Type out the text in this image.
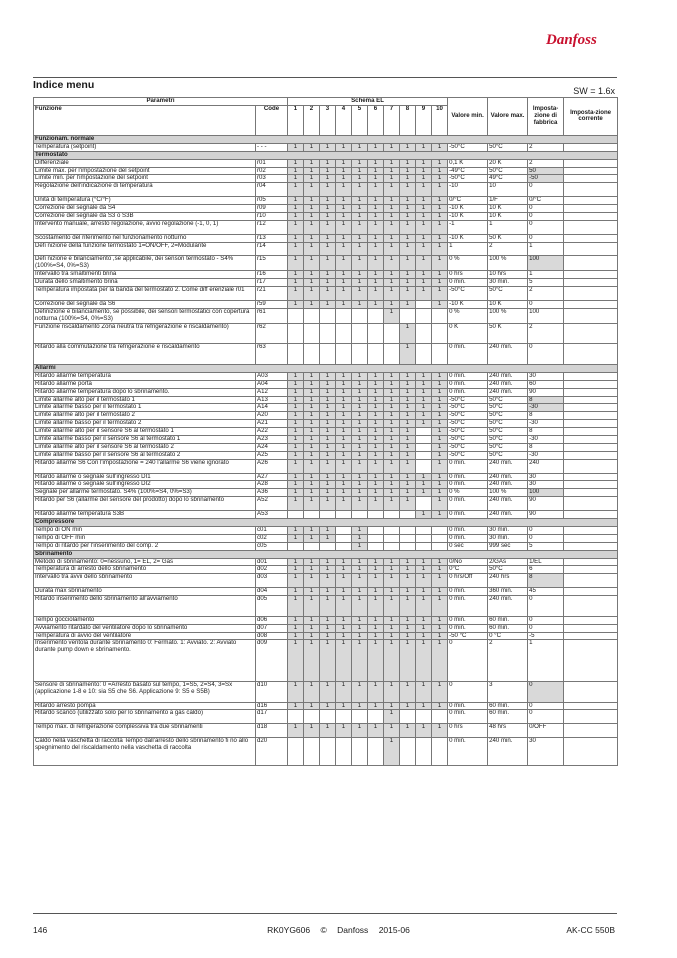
Danfoss
Indice menu	SW = 1.6x
Parametri		Schema EL										Valore min.	Valore max.	Imposta-zione di fabbrica	Imposta-zione corrente
Funzione	Code	1	2	3	4	5	6	7	8	9	10				
Funzionam. normale															
Temperatura (setpoint)	- - -	1	1	1	1	1	1	1	1	1	1	-50°C	50°C	2	
Termostato															
Differenziale	r01	1	1	1	1	1	1	1	1	1	1	0,1 K	20 K	2	
Limite max. per l'impostazione del setpoint	r02	1	1	1	1	1	1	1	1	1	1	-49°C	50°C	50	
Limite min. per l'impostazione del setpoint	r03	1	1	1	1	1	1	1	1	1	1	-50°C	49°C	-50	
Regolazione dell'indicazione di temperatura	r04	1	1	1	1	1	1	1	1	1	1	-10	10	0	
Unità di temperatura (°C/°F)	r05	1	1	1	1	1	1	1	1	1	1	0/°C	1/F	0/°C	
Correzione del segnale da S4	r09	1	1	1	1	1	1	1	1	1	1	-10 K	10 K	0	
Correzione del segnale da S3 o S3B	r10	1	1	1	1	1	1	1	1	1	1	-10 K	10 K	0	
Intervento manuale, arresto regolazione, avvio regolazione (-1, 0, 1)	r12	1	1	1	1	1	1	1	1	1	1	-1	1	0	
Scostamento del riferimento nel funzionamento notturno	r13	1	1	1	1	1	1	1	1	1	1	-10 K	50 K	0	
Defi nizione della funzione termostato 1=ON/OFF, 2=Modulante	r14	1	1	1	1	1	1	1	1	1	1	1	2	1	
Defi nizione e bilanciamento ,se applicabile, dei sensori termostato - S4% (100%=S4, 0%=S3)	r15	1	1	1	1	1	1	1	1	1	1	0 %	100 %	100	
Intervallo tra smaltimenti brina	r16	1	1	1	1	1	1	1	1	1	1	0 hrs	10 hrs	1	
Durata dello smaltimento brina	r17	1	1	1	1	1	1	1	1	1	1	0 min.	30 min.	5	
Temperatura impostata per la banda del termostato 2. Come diff erenziale r01	r21	1	1	1	1	1	1	1	1	1	1	-50°C	50°C	2	
Correzione del segnale da S6	r59	1	1	1	1	1	1	1	1		1	-10 K	10 K	0	
Definizione e bilanciamento, se possibile, dei sensori termostatici con copertura notturna (100%=S4, 0%=S3)	r61							1				0 %	100 %	100	
Funzione riscaldamento Zona neutra tra refrigerazione e riscaldamento)	r62								1			0 K	50 K	2	
Ritardo alla commutazione tra refrigerazione e riscaldamento	r63								1			0 min.	240 min.	0	
Allarmi															
Ritardo allarme temperatura	A03	1	1	1	1	1	1	1	1	1	1	0 min.	240 min.	30	
Ritardo allarme porta	A04	1	1	1	1	1	1	1	1	1	1	0 min.	240 min.	60	
Ritardo allarme temperatura dopo lo sbrinamento.	A12	1	1	1	1	1	1	1	1	1	1	0 min.	240 min.	90	
Limite allarme alto per il termostato 1	A13	1	1	1	1	1	1	1	1	1	1	-50°C	50°C	8	
Limite allarme basso per il termostato 1	A14	1	1	1	1	1	1	1	1	1	1	-50°C	50°C	-30	
Limite allarme alto per il termostato 2	A20	1	1	1	1	1	1	1	1	1	1	-50°C	50°C	8	
Limite allarme basso per il termostato 2	A21	1	1	1	1	1	1	1	1	1	1	-50°C	50°C	-30	
Limite allarme alto per il sensore S6 al termostato 1	A22	1	1	1	1	1	1	1	1		1	-50°C	50°C	8	
Limite allarme basso per il sensore S6 al termostato 1	A23	1	1	1	1	1	1	1	1		1	-50°C	50°C	-30	
Limite allarme alto per il sensore S6 al termostato 2	A24	1	1	1	1	1	1	1	1		1	-50°C	50°C	8	
Limite allarme basso per il sensore S6 al termostato 2	A25	1	1	1	1	1	1	1	1		1	-50°C	50°C	-30	
Ritardo allarme S6 Con l'impostazione = 240 l'allarme S6 viene ignorato	A26	1	1	1	1	1	1	1	1		1	0 min.	240 min.	240	
Ritardo allarme o segnale sull'ingresso DI1	A27	1	1	1	1	1	1	1	1	1	1	0 min.	240 min.	30	
Ritardo allarme o segnale sull'ingresso DI2	A28	1	1	1	1	1	1	1	1	1	1	0 min.	240 min.	30	
Segnale per allarme termostato. S4% (100%=S4, 0%=S3)	A36	1	1	1	1	1	1	1	1	1	1	0 %	100 %	100	
Ritardo per S6 (allarme del sensore del prodotto) dopo lo sbrinamento	A52	1	1	1	1	1	1	1	1		1	0 min.	240 min.	90	
Ritardo allarme temperatura S3B	A53									1	1	0 min.	240 min.	90	
Compressore															
Tempo di ON min	c01	1	1	1		1						0 min.	30 min.	0	
Tempo di OFF min	c02	1	1	1		1						0 min.	30 min.	0	
Tempo di ritardo per l'inserimento del comp. 2	c05					1						0 sec	999 sec	5	
Sbrinamento															
Metodo di sbrinamento: 0=nessuno, 1= EL, 2= Gas	d01	1	1	1	1	1	1	1	1	1	1	0/No	2/GAs	1/EL	
Temperatura di arresto dello sbrinamento	d02	1	1	1	1	1	1	1	1	1	1	0°C	50°C	6	
Intervallo tra avvii dello sbrinamento	d03	1	1	1	1	1	1	1	1	1	1	0 hrs/Off	240 hrs	8	
Durata max sbrinamento	d04	1	1	1	1	1	1	1	1	1	1	0 min.	360 min.	45	
Ritardo inserimento dello sbrinamento all'avviamento	d05	1	1	1	1	1	1	1	1	1	1	0 min.	240 min.	0	
Tempo gocciolamento	d06	1	1	1	1	1	1	1	1	1	1	0 min.	60 min.	0	
Avviamento ritardato del ventilatore dopo lo sbrinamento	d07	1	1	1	1	1	1	1	1	1	1	0 min.	60 min.	0	
Temperatura di avvio del ventilatore	d08	1	1	1	1	1	1	1	1	1	1	-50 °C	0 °C	-5	
Inserimento ventola durante sbrinamento 0: Fermato. 1: Avviato. 2: Avviato durante pump down e sbrinamento.	d09	1	1	1	1	1	1	1	1	1	1	0	2	1	
Sensore di sbrinamento: 0 =Arresto basato sul tempo, 1=S5, 2=S4, 3=Sx (applicazione 1-8 e 10: sia S5 che S6. Applicazione 9: S5 e S5B)	d10	1	1	1	1	1	1	1	1	1	1	0	3	0	
Ritardo arresto pompa	d16	1	1	1	1	1	1	1	1	1	1	0 min.	60 min.	0	
Ritardo scarico (utilizzato solo per lo sbrinamento a gas caldo)	d17							1				0 min.	60 min.	0	
Tempo max. di refrigerazione complessiva tra due sbrinamenti	d18	1	1	1	1	1	1	1	1	1	1	0 hrs	48 hrs	0/OFF	
Caldo nella vaschetta di raccolta Tempo dall'arresto dello sbrinamento fi no allo spegnimento del riscaldamento nella vaschetta di raccolta	d20							1				0 min.	240 min.	30	
146	RK0YG606 © Danfoss 2015-06	AK-CC 550B
